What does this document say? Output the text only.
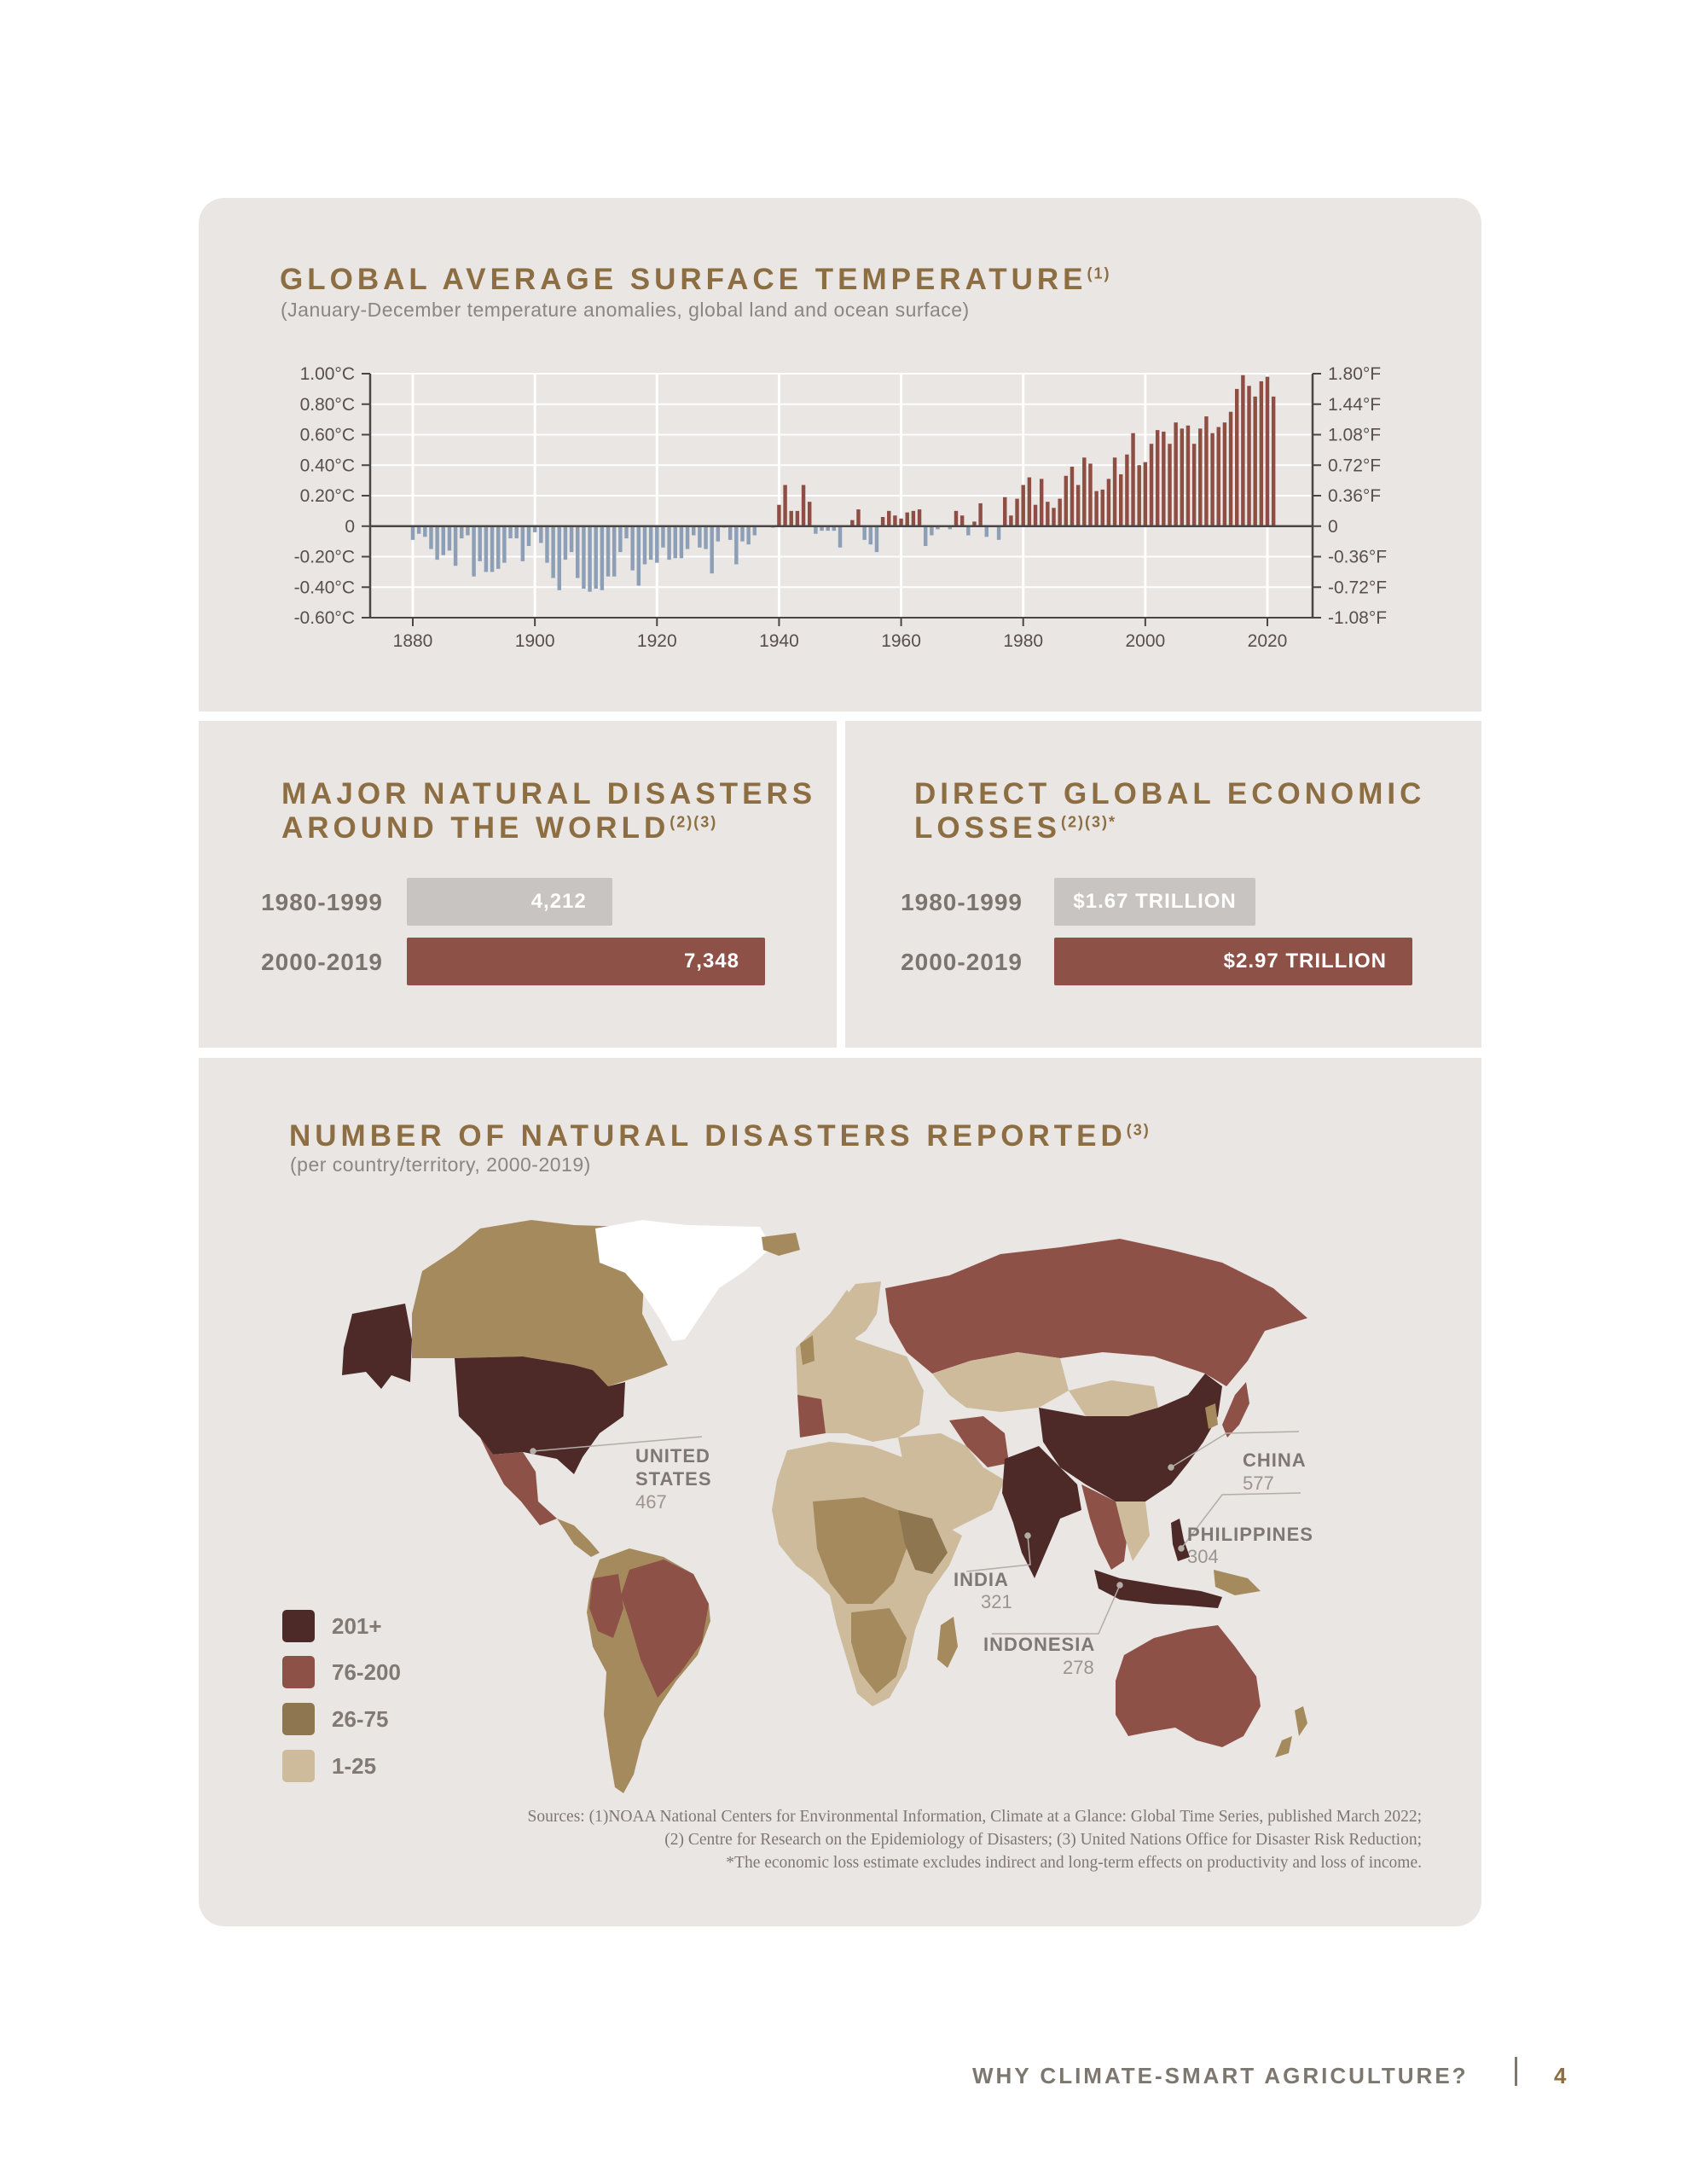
GLOBAL AVERAGE SURFACE TEMPERATURE$^{(1)}$
(January-December temperature anomalies, global land and ocean surface)
1.00°C
0.80°C
0.60°C
0.40°C
0.20°C
0
-0.20°C
-0.40°C
-0.60°C
1.80°F
1.44°F
1.08°F
0.72°F
0.36°F
0
-0.36°F
-0.72°F
-1.08°F
1880	1900	1920	1940	1960	1980	2000	2020
MAJOR NATURAL DISASTERS
AROUND THE $WORLD^{(2)(3)}$
1980-1999
2000-2019
4,212
7,348
DIRECT GLOBAL ECONOMIC
$LOSSES^{(2)(3)*}$
1980-1999
2000-2019
$1.67 TRILLION
$2.97 TRILLION
NUMBER OF NATURAL DISASTERS REPORTED$^{(3)}$
(per country/territory, 2000-2019)
UNITED
STATES
467
CHINA
577
PHILIPPINES
304
INDIA
321
INDONESIA
278
201+
76-200
26-75
1-25
Sources: (1)NOAA National Centers for Environmental Information, Climate at a Glance: Global Time Series, published March 2022;
(2) Centre for Research on the Epidemiology of Disasters; (3) United Nations Office for Disaster Risk Reduction;
*The economic loss estimate excludes indirect and long-term effects on productivity and loss of income.
WHY CLIMATE-SMART AGRICULTURE?	4
